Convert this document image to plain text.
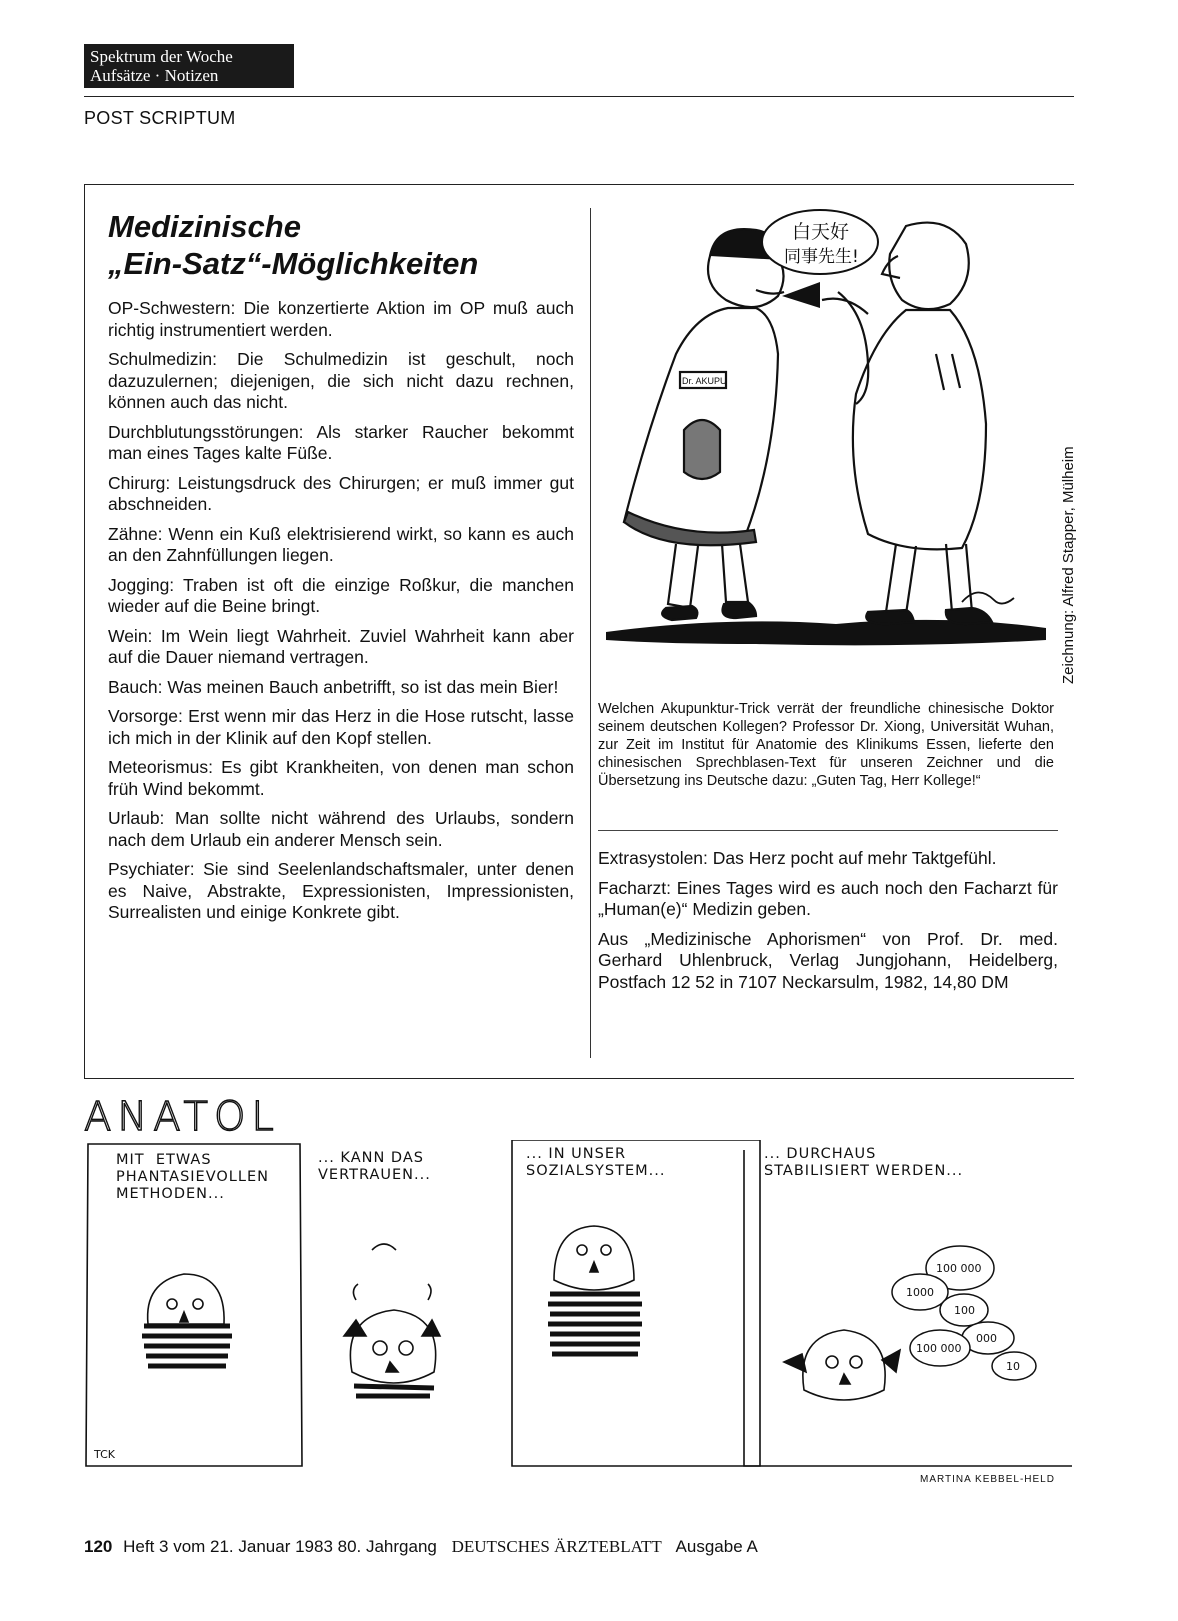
Spektrum der Woche
Aufsätze · Notizen
POST SCRIPTUM
Medizinische
„Ein-Satz“-Möglichkeiten

OP-Schwestern: Die konzertierte Aktion im OP muß auch richtig instrumentiert werden.

Schulmedizin: Die Schulmedizin ist geschult, noch dazuzulernen; diejenigen, die sich nicht dazu rechnen, können auch das nicht.

Durchblutungsstörungen: Als starker Raucher bekommt man eines Tages kalte Füße.

Chirurg: Leistungsdruck des Chirurgen; er muß immer gut abschneiden.

Zähne: Wenn ein Kuß elektrisierend wirkt, so kann es auch an den Zahnfüllungen liegen.

Jogging: Traben ist oft die einzige Roßkur, die manchen wieder auf die Beine bringt.

Wein: Im Wein liegt Wahrheit. Zuviel Wahrheit kann aber auf die Dauer niemand vertragen.

Bauch: Was meinen Bauch anbetrifft, so ist das mein Bier!

Vorsorge: Erst wenn mir das Herz in die Hose rutscht, lasse ich mich in der Klinik auf den Kopf stellen.

Meteorismus: Es gibt Krankheiten, von denen man schon früh Wind bekommt.

Urlaub: Man sollte nicht während des Urlaubs, sondern nach dem Urlaub ein anderer Mensch sein.

Psychiater: Sie sind Seelenlandschaftsmaler, unter denen es Naive, Abstrakte, Expressionisten, Impressionisten, Surrealisten und einige Konkrete gibt.

Dr. AKUPU
白天好
同事先生!
Zeichnung: Alfred Stapper, Mülheim
Welchen Akupunktur-Trick verrät der freundliche chinesische Doktor seinem deutschen Kollegen? Professor Dr. Xiong, Universität Wuhan, zur Zeit im Institut für Anatomie des Klinikums Essen, lieferte den chinesischen Sprechblasen-Text für unseren Zeichner und die Übersetzung ins Deutsche dazu: „Guten Tag, Herr Kollege!“

Extrasystolen: Das Herz pocht auf mehr Taktgefühl.

Facharzt: Eines Tages wird es auch noch den Facharzt für „Human(e)“ Medizin geben.

Aus „Medizinische Aphorismen“ von Prof. Dr. med. Gerhard Uhlenbruck, Verlag Jungjohann, Heidelberg, Postfach 12 52 in 7107 Neckarsulm, 1982, 14,80 DM

ANATOL
100 000
1000
100
000
100 000
10
TCK
MIT  ETWAS
PHANTASIEVOLLEN
METHODEN...
... KANN DAS
VERTRAUEN...
... IN UNSER
SOZIALSYSTEM...
... DURCHAUS
STABILISIERT WERDEN...
MARTINA KEBBEL-HELD
120 Heft 3 vom 21. Januar 1983 80. Jahrgang DEUTSCHES ÄRZTEBLATT Ausgabe A
